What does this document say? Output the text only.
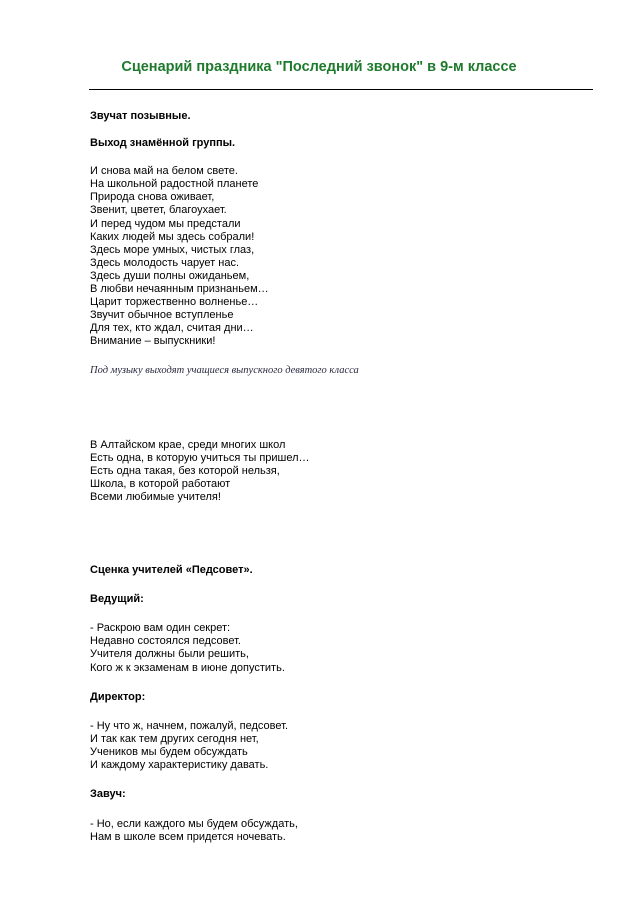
Сценарий праздника "Последний звонок" в 9-м классе

Звучат позывные.

Выход знамённой группы.

И снова май на белом свете.
На школьной радостной планете
Природа снова оживает,
Звенит, цветет, благоухает.
И перед чудом мы предстали
Каких людей мы здесь собрали!
Здесь море умных, чистых глаз,
Здесь молодость чарует нас.
Здесь души полны ожиданьем,
В любви нечаянным признаньем…
Царит торжественно волненье…
Звучит обычное вступленье
Для тех, кто ждал, считая дни…
Внимание – выпускники!

Под музыку выходят учащиеся выпускного девятого класса

В Алтайском крае, среди многих школ
Есть одна, в которую учиться ты пришел…
Есть одна такая, без которой нельзя,
Школа, в которой работают
Всеми любимые учителя!

Сценка учителей «Педсовет».

Ведущий:

- Раскрою вам один секрет:
Недавно состоялся педсовет.
Учителя должны были решить,
Кого ж к экзаменам в июне допустить.

Директор:

- Ну что ж, начнем, пожалуй, педсовет.
И так как тем других сегодня нет,
Учеников мы будем обсуждать
И каждому характеристику давать.

Завуч:

- Но, если каждого мы будем обсуждать,
Нам в школе всем придется ночевать.
